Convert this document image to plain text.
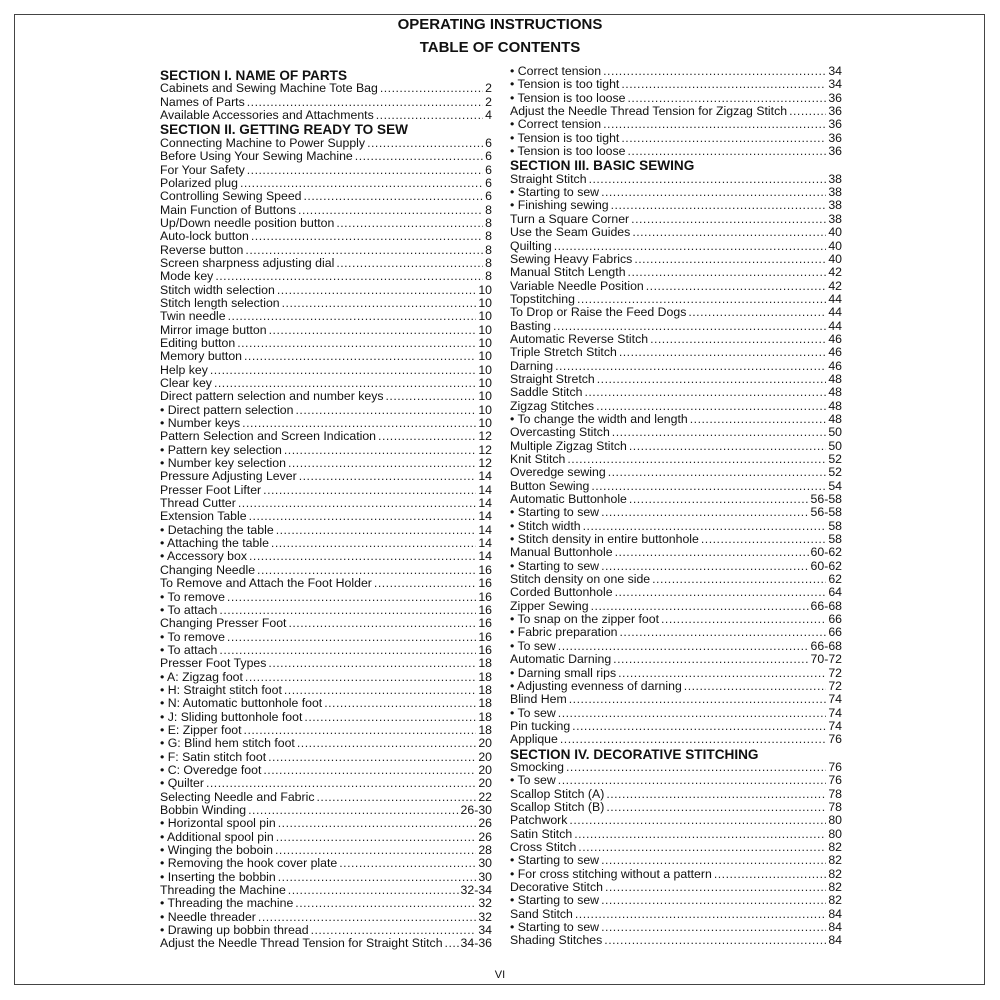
OPERATING INSTRUCTIONS
TABLE OF CONTENTS
SECTION I. NAME OF PARTS
Cabinets and Sewing Machine Tote Bag .....	2
Names of Parts .....	2
Available Accessories and Attachments .....	4
SECTION II. GETTING READY TO SEW
Connecting Machine to Power Supply .....	6
Before Using Your Sewing Machine .....	6
For Your Safety .....	6
Polarized plug .....	6
Controlling Sewing Speed .....	6
Main Function of Buttons .....	8
Up/Down needle position button .....	8
Auto-lock button .....	8
Reverse button .....	8
Screen sharpness adjusting dial .....	8
Mode key .....	8
Stitch width selection .....	10
Stitch length selection .....	10
Twin needle .....	10
Mirror image button .....	10
Editing button .....	10
Memory button .....	10
Help key .....	10
Clear key .....	10
Direct pattern selection and number keys .....	10
• Direct pattern selection .....	10
• Number keys .....	10
Pattern Selection and Screen Indication .....	12
• Pattern key selection .....	12
• Number key selection .....	12
Pressure Adjusting Lever .....	14
Presser Foot Lifter .....	14
Thread Cutter .....	14
Extension Table .....	14
• Detaching the table .....	14
• Attaching the table .....	14
• Accessory box .....	14
Changing Needle .....	16
To Remove and Attach the Foot Holder .....	16
• To remove .....	16
• To attach .....	16
Changing Presser Foot .....	16
• To remove .....	16
• To attach .....	16
Presser Foot Types .....	18
• A: Zigzag foot .....	18
• H: Straight stitch foot .....	18
• N: Automatic buttonhole foot .....	18
• J: Sliding buttonhole foot .....	18
• E: Zipper foot .....	18
• G: Blind hem stitch foot .....	20
• F: Satin stitch foot .....	20
• C: Overedge foot .....	20
• Quilter .....	20
Selecting Needle and Fabric .....	22
Bobbin Winding .....	26-30
• Horizontal spool pin .....	26
• Additional spool pin .....	26
• Winging the boboin .....	28
• Removing the hook cover plate .....	30
• Inserting the bobbin .....	30
Threading the Machine .....	32-34
• Threading the machine .....	32
• Needle threader .....	32
• Drawing up bobbin thread .....	34
Adjust the Needle Thread Tension for Straight Stitch ..... 34-36
• Correct tension .....	34
• Tension is too tight .....	34
• Tension is too loose .....	36
Adjust the Needle Thread Tension for Zigzag Stitch .....	36
• Correct tension .....	36
• Tension is too tight .....	36
• Tension is too loose .....	36
SECTION III. BASIC SEWING
Straight Stitch .....	38
• Starting to sew .....	38
• Finishing sewing .....	38
Turn a Square Corner .....	38
Use the Seam Guides .....	40
Quilting .....	40
Sewing Heavy Fabrics .....	40
Manual Stitch Length .....	42
Variable Needle Position .....	42
Topstitching .....	44
To Drop or Raise the Feed Dogs .....	44
Basting .....	44
Automatic Reverse Stitch .....	46
Triple Stretch Stitch .....	46
Darning .....	46
Straight Stretch .....	48
Saddle Stitch .....	48
Zigzag Stitches .....	48
• To change the width and length .....	48
Overcasting Stitch .....	50
Multiple Zigzag Stitch .....	50
Knit Stitch .....	52
Overedge sewing .....	52
Button Sewing .....	54
Automatic Buttonhole .....	56-58
• Starting to sew .....	56-58
• Stitch width .....	58
• Stitch density in entire buttonhole .....	58
Manual Buttonhole .....	60-62
• Starting to sew .....	60-62
Stitch density on one side .....	62
Corded Buttonhole .....	64
Zipper Sewing .....	66-68
• To snap on the zipper foot .....	66
• Fabric preparation .....	66
• To sew .....	66-68
Automatic Darning .....	70-72
• Darning small rips .....	72
• Adjusting evenness of darning .....	72
Blind Hem .....	74
• To sew .....	74
Pin tucking .....	74
Applique .....	76
SECTION IV. DECORATIVE STITCHING
Smocking .....	76
• To sew .....	76
Scallop Stitch (A) .....	78
Scallop Stitch (B) .....	78
Patchwork .....	80
Satin Stitch .....	80
Cross Stitch .....	82
• Starting to sew .....	82
• For cross stitching without a pattern .....	82
Decorative Stitch .....	82
• Starting to sew .....	82
Sand Stitch .....	84
• Starting to sew .....	84
Shading Stitches .....	84
VI
